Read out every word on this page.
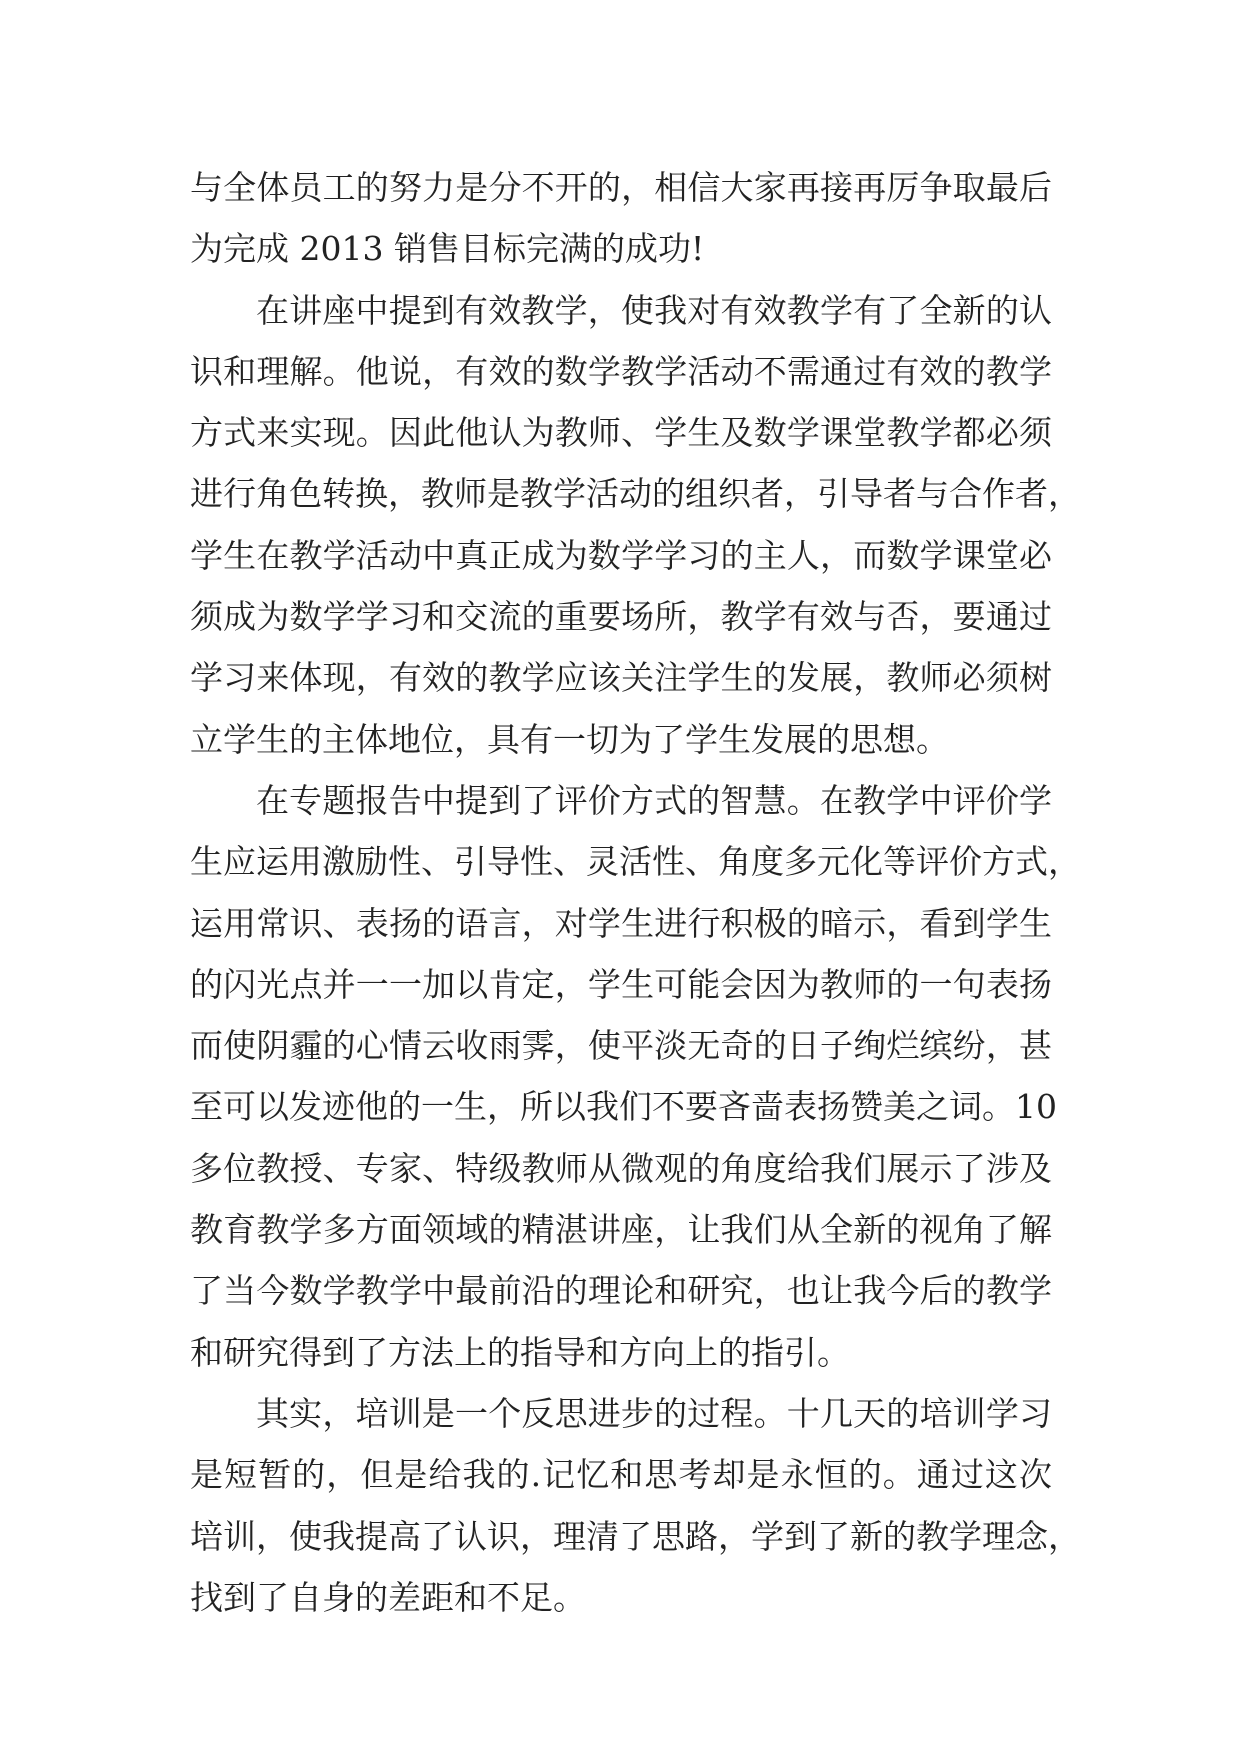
与全体员工的努力是分不开的，相信大家再接再厉争取最后
为完成 2013 销售目标完满的成功!
在讲座中提到有效教学，使我对有效教学有了全新的认
识和理解。他说，有效的数学教学活动不需通过有效的教学
方式来实现。因此他认为教师、学生及数学课堂教学都必须
进行角色转换，教师是教学活动的组织者，引导者与合作者，
学生在教学活动中真正成为数学学习的主人，而数学课堂必
须成为数学学习和交流的重要场所，教学有效与否，要通过
学习来体现，有效的教学应该关注学生的发展，教师必须树
立学生的主体地位，具有一切为了学生发展的思想。
在专题报告中提到了评价方式的智慧。在教学中评价学
生应运用激励性、引导性、灵活性、角度多元化等评价方式，
运用常识、表扬的语言，对学生进行积极的暗示，看到学生
的闪光点并一一加以肯定，学生可能会因为教师的一句表扬
而使阴霾的心情云收雨霁，使平淡无奇的日子绚烂缤纷，甚
至可以发迹他的一生，所以我们不要吝啬表扬赞美之词。10
多位教授、专家、特级教师从微观的角度给我们展示了涉及
教育教学多方面领域的精湛讲座，让我们从全新的视角了解
了当今数学教学中最前沿的理论和研究，也让我今后的教学
和研究得到了方法上的指导和方向上的指引。
其实，培训是一个反思进步的过程。十几天的培训学习
是短暂的，但是给我的.记忆和思考却是永恒的。通过这次
培训，使我提高了认识，理清了思路，学到了新的教学理念，
找到了自身的差距和不足。
